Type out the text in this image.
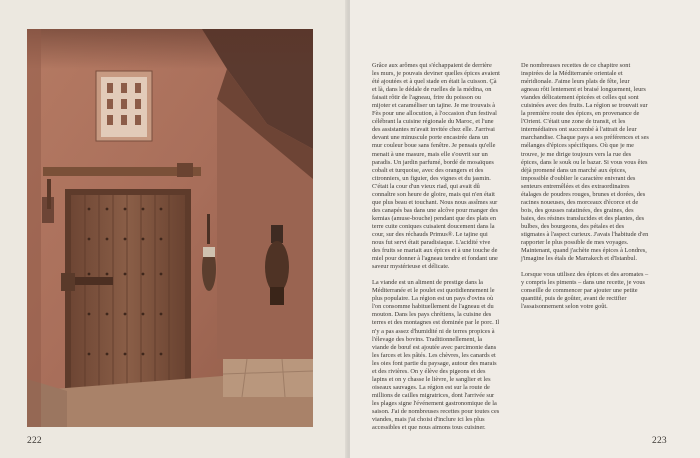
222

Grâce aux arômes qui s'échappaient de derrière les murs, je pouvais deviner quelles épices avaient été ajoutées et à quel stade en était la cuisson. Çà et là, dans le dédale de ruelles de la médina, on faisait rôtir de l'agneau, frire du poisson ou mijoter et caraméliser un tajine. Je me trouvais à Fès pour une allocution, à l'occasion d'un festival célébrant la cuisine régionale du Maroc, et l'une des assistantes m'avait invitée chez elle. J'arrivai devant une minuscule porte encastrée dans un mur couleur boue sans fenêtre. Je pensais qu'elle menait à une masure, mais elle s'ouvrit sur un paradis. Un jardin parfumé, bordé de mosaïques cobalt et turquoise, avec des orangers et des citronniers, un figuier, des vignes et du jasmin. C'était la cour d'un vieux riad, qui avait dû connaître son heure de gloire, mais qui n'en était que plus beau et touchant. Nous nous assîmes sur des canapés bas dans une alcôve pour manger des kemias (amuse-bouche) pendant que des plats en terre cuite coniques cuisaient doucement dans la cour, sur des réchauds Primus®. Le tajine qui nous fut servi était paradisiaque. L'acidité vive des fruits se mariait aux épices et à une touche de miel pour donner à l'agneau tendre et fondant une saveur mystérieuse et délicate.

La viande est un aliment de prestige dans la Méditerranée et le poulet est quotidiennement le plus populaire. La région est un pays d'ovins où l'on consomme habituellement de l'agneau et du mouton. Dans les pays chrétiens, la cuisine des terres et des montagnes est dominée par le porc. Il n'y a pas assez d'humidité ni de terres propices à l'élevage des bovins. Traditionnellement, la viande de bœuf est ajoutée avec parcimonie dans les farces et les pâtés. Les chèvres, les canards et les oies font partie du paysage, autour des marais et des rivières. On y élève des pigeons et des lapins et on y chasse le lièvre, le sanglier et les oiseaux sauvages. La région est sur la route de millions de cailles migratrices, dont l'arrivée sur les plages signe l'événement gastronomique de la saison. J'ai de nombreuses recettes pour toutes ces viandes, mais j'ai choisi d'inclure ici les plus accessibles et que nous aimons tous cuisiner.

De nombreuses recettes de ce chapitre sont inspirées de la Méditerranée orientale et méridionale. J'aime leurs plats de fête, leur agneau rôti lentement et braisé longuement, leurs viandes délicatement épicées et celles qui sont cuisinées avec des fruits. La région se trouvait sur la première route des épices, en provenance de l'Orient. C'était une zone de transit, et les intermédiaires ont succombé à l'attrait de leur marchandise. Chaque pays a ses préférences et ses mélanges d'épices spécifiques. Où que je me trouve, je me dirige toujours vers la rue des épices, dans le souk ou le bazar. Si vous vous êtes déjà promené dans un marché aux épices, impossible d'oublier le caractère enivrant des senteurs entremêlées et des extraordinaires étalages de poudres rouges, brunes et dorées, des racines noueuses, des morceaux d'écorce et de bois, des gousses ratatinées, des graines, des baies, des résines translucides et des plantes, des bulbes, des bourgeons, des pétales et des stigmates à l'aspect curieux. J'avais l'habitude d'en rapporter le plus possible de mes voyages. Maintenant, quand j'achète mes épices à Londres, j'imagine les étals de Marrakech et d'Istanbul.

Lorsque vous utilisez des épices et des aromates – y compris les piments – dans une recette, je vous conseille de commencer par ajouter une petite quantité, puis de goûter, avant de rectifier l'assaisonnement selon votre goût.

223
